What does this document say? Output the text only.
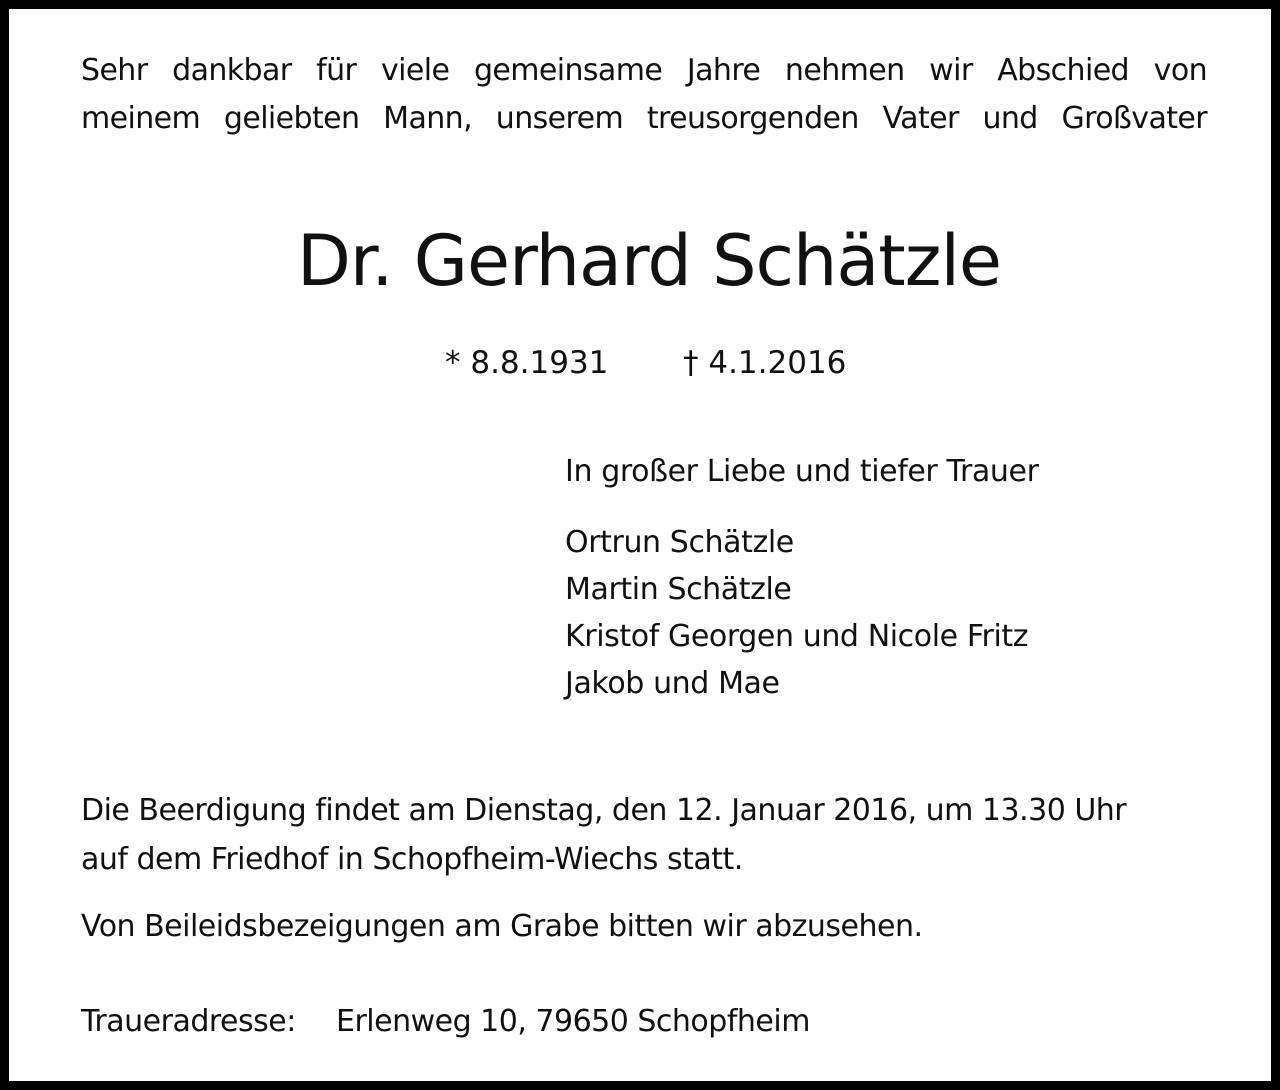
Sehr dankbar für viele gemeinsame Jahre nehmen wir Abschied von
meinem geliebten Mann, unserem treusorgenden Vater und Großvater
Dr. Gerhard Schätzle
* 8.8.1931 † 4.1.2016
In großer Liebe und tiefer Trauer
Ortrun Schätzle
Martin Schätzle
Kristof Georgen und Nicole Fritz
Jakob und Mae
Die Beerdigung findet am Dienstag, den 12. Januar 2016, um 13.30 Uhr
auf dem Friedhof in Schopfheim-Wiechs statt.
Von Beileidsbezeigungen am Grabe bitten wir abzusehen.
Traueradresse: Erlenweg 10, 79650 Schopfheim
